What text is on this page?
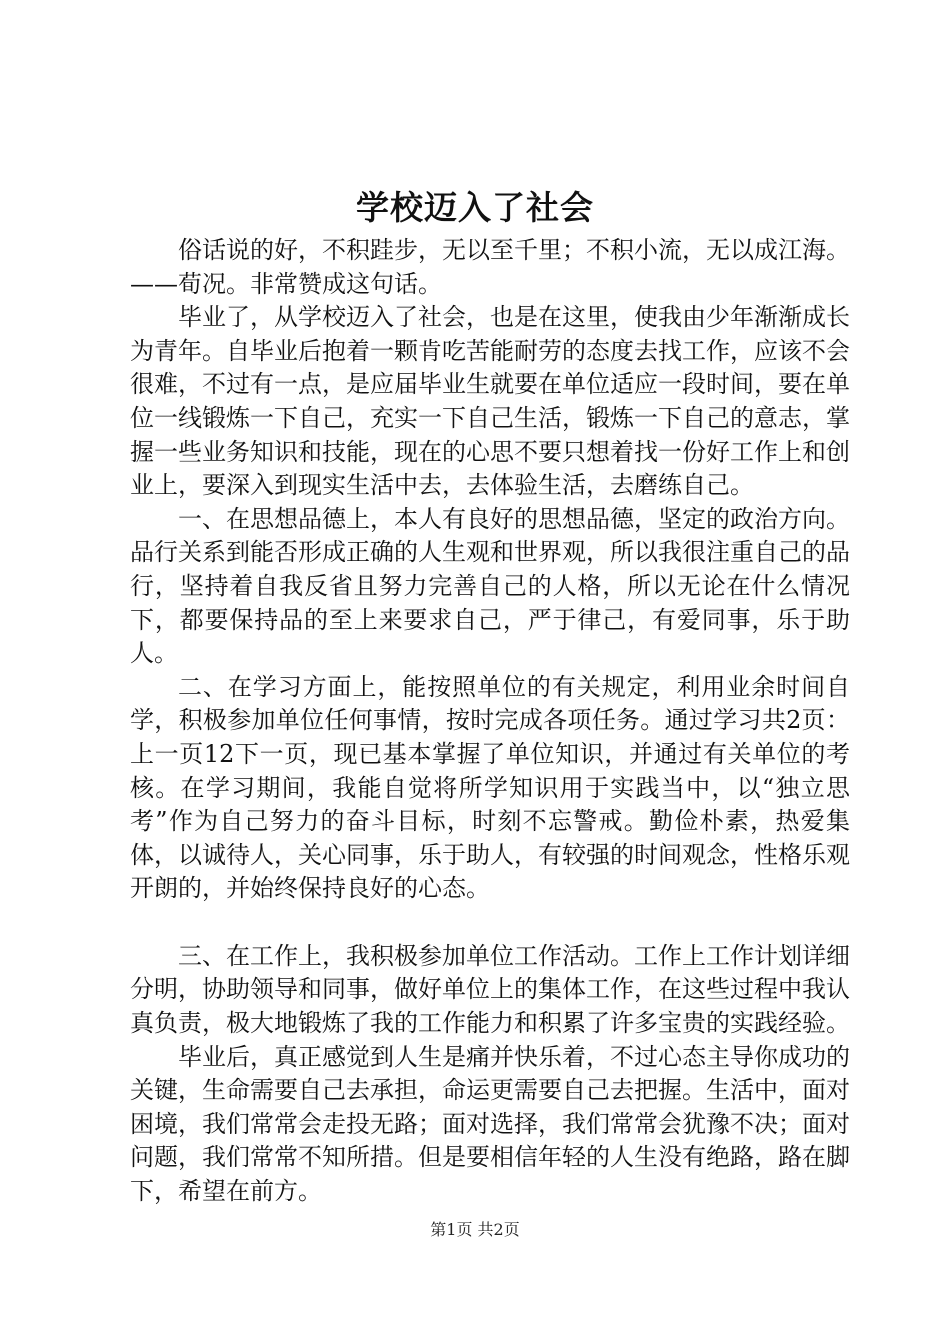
学校迈入了社会

俗话说的好，不积跬步，无以至千里；不积小流，无以成江海。——荀况。非常赞成这句话。

毕业了，从学校迈入了社会，也是在这里，使我由少年渐渐成长为青年。自毕业后抱着一颗肯吃苦能耐劳的态度去找工作，应该不会很难，不过有一点，是应届毕业生就要在单位适应一段时间，要在单位一线锻炼一下自己，充实一下自己生活，锻炼一下自己的意志，掌握一些业务知识和技能，现在的心思不要只想着找一份好工作上和创业上，要深入到现实生活中去，去体验生活，去磨练自己。

一、在思想品德上，本人有良好的思想品德，坚定的政治方向。品行关系到能否形成正确的人生观和世界观，所以我很注重自己的品行，坚持着自我反省且努力完善自己的人格，所以无论在什么情况下，都要保持品的至上来要求自己，严于律己，有爱同事，乐于助人。

二、在学习方面上，能按照单位的有关规定，利用业余时间自学，积极参加单位任何事情，按时完成各项任务。通过学习共2页：上一页12下一页，现已基本掌握了单位知识，并通过有关单位的考核。在学习期间，我能自觉将所学知识用于实践当中，以“独立思考”作为自己努力的奋斗目标，时刻不忘警戒。勤俭朴素，热爱集体，以诚待人，关心同事，乐于助人，有较强的时间观念，性格乐观开朗的，并始终保持良好的心态。

三、在工作上，我积极参加单位工作活动。工作上工作计划详细分明，协助领导和同事，做好单位上的集体工作，在这些过程中我认真负责，极大地锻炼了我的工作能力和积累了许多宝贵的实践经验。

毕业后，真正感觉到人生是痛并快乐着，不过心态主导你成功的关键，生命需要自己去承担，命运更需要自己去把握。生活中，面对困境，我们常常会走投无路；面对选择，我们常常会犹豫不决；面对问题，我们常常不知所措。但是要相信年轻的人生没有绝路，路在脚下，希望在前方。

第1页 共2页
